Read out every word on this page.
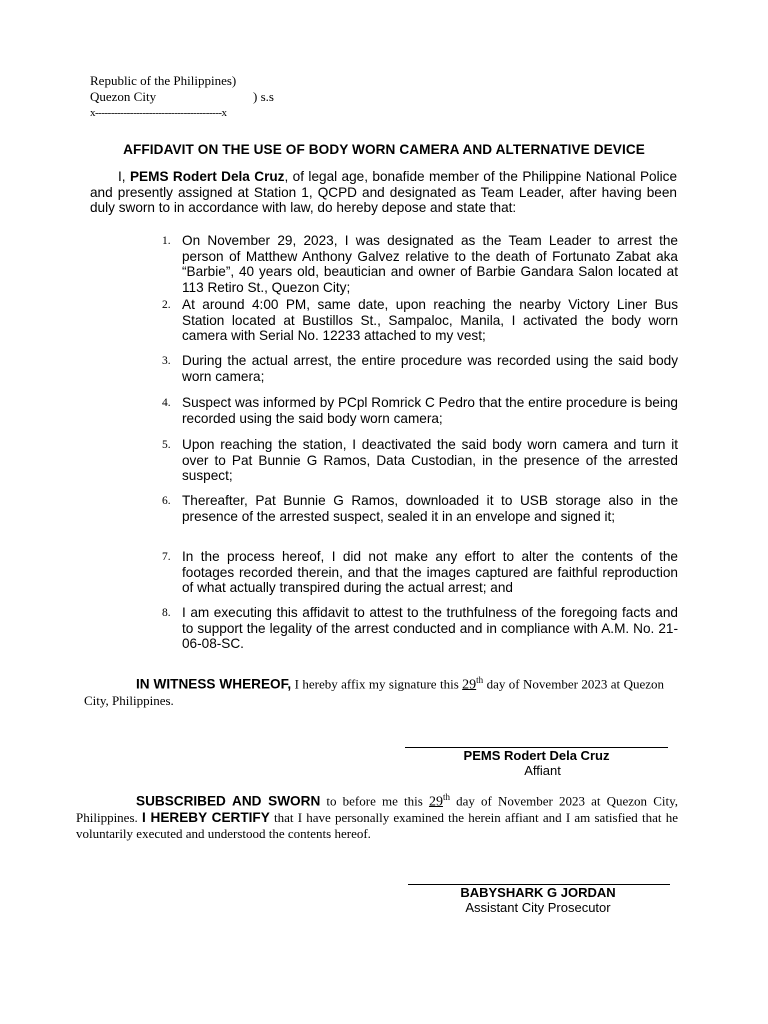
Republic of the Philippines)
Quezon City	) s.s
x----------------------------------------x
AFFIDAVIT ON THE USE OF BODY WORN CAMERA AND ALTERNATIVE DEVICE
I, PEMS Rodert Dela Cruz, of legal age, bonafide member of the Philippine National Police and presently assigned at Station 1, QCPD and designated as Team Leader, after having been duly sworn to in accordance with law, do hereby depose and state that:
1. On November 29, 2023, I was designated as the Team Leader to arrest the person of Matthew Anthony Galvez relative to the death of Fortunato Zabat aka “Barbie”, 40 years old, beautician and owner of Barbie Gandara Salon located at 113 Retiro St., Quezon City;
2. At around 4:00 PM, same date, upon reaching the nearby Victory Liner Bus Station located at Bustillos St., Sampaloc, Manila, I activated the body worn camera with Serial No. 12233 attached to my vest;
3. During the actual arrest, the entire procedure was recorded using the said body worn camera;
4. Suspect was informed by PCpl Romrick C Pedro that the entire procedure is being recorded using the said body worn camera;
5. Upon reaching the station, I deactivated the said body worn camera and turn it over to Pat Bunnie G Ramos, Data Custodian, in the presence of the arrested suspect;
6. Thereafter, Pat Bunnie G Ramos, downloaded it to USB storage also in the presence of the arrested suspect, sealed it in an envelope and signed it;
7. In the process hereof, I did not make any effort to alter the contents of the footages recorded therein, and that the images captured are faithful reproduction of what actually transpired during the actual arrest; and
8. I am executing this affidavit to attest to the truthfulness of the foregoing facts and to support the legality of the arrest conducted and in compliance with A.M. No. 21-06-08-SC.
IN WITNESS WHEREOF, I hereby affix my signature this 29th day of November 2023 at Quezon City, Philippines.
PEMS Rodert Dela Cruz
Affiant
SUBSCRIBED AND SWORN to before me this 29th day of November 2023 at Quezon City, Philippines. I HEREBY CERTIFY that I have personally examined the herein affiant and I am satisfied that he voluntarily executed and understood the contents hereof.
BABYSHARK G JORDAN
Assistant City Prosecutor
